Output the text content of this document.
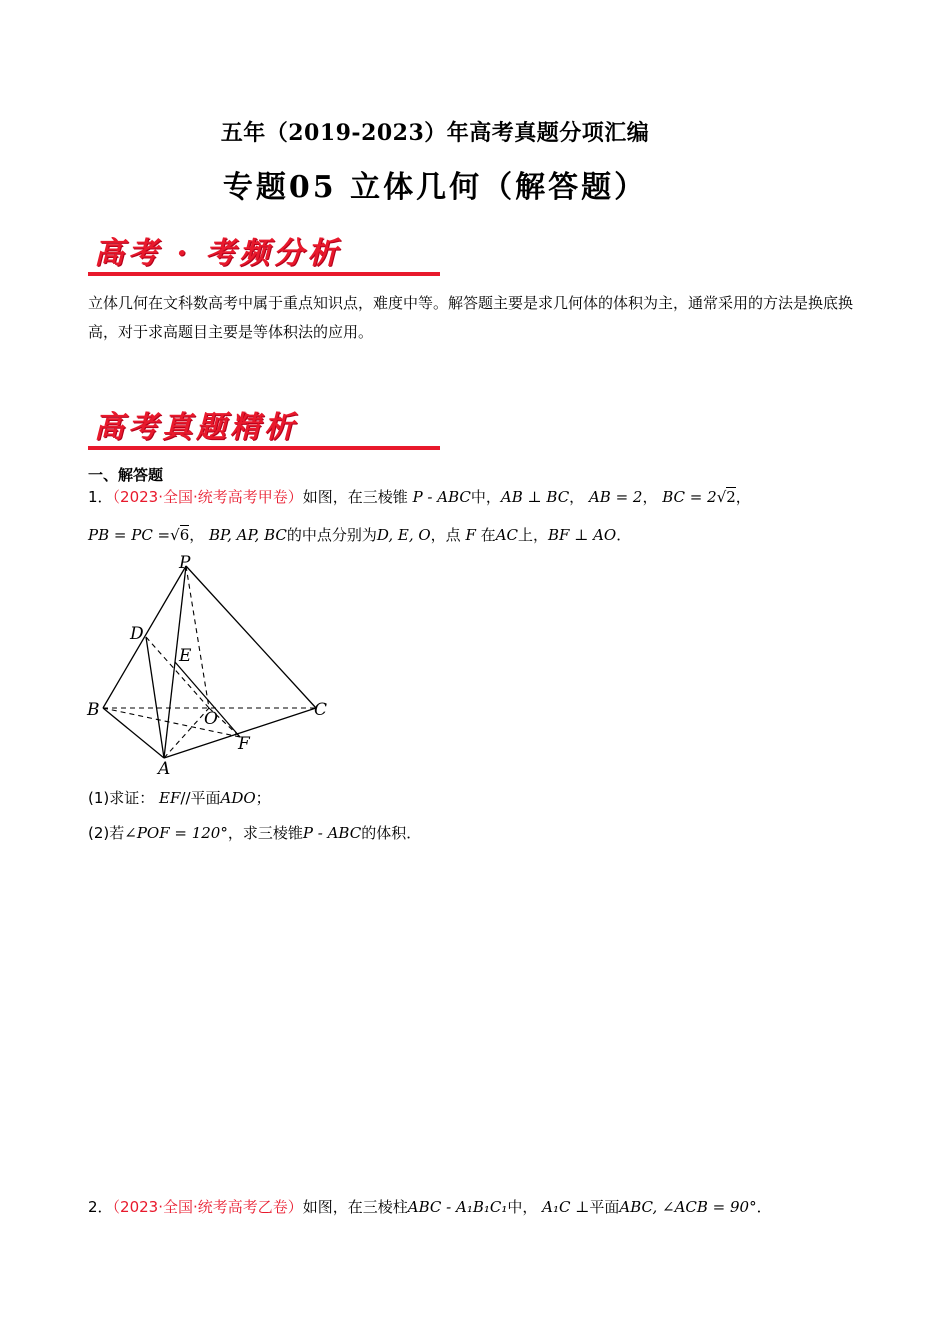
五年（2019-2023）年高考真题分项汇编
专题05 立体几何（解答题）
高考 · 考频分析
立体几何在文科数高考中属于重点知识点，难度中等。解答题主要是求几何体的体积为主，通常采用的方法是换底换高，对于求高题目主要是等体积法的应用。
高考真题精析
一、解答题
1．（2023·全国·统考高考甲卷）如图，在三棱锥 P - ABC中，AB ⊥ BC， AB = 2， BC = 2√2，
PB = PC =√6， BP, AP, BC的中点分别为D, E, O，点 F 在AC上，BF ⊥ AO．
P
D
E
B	O	C
F
A
(1)求证： EF//平面ADO；
(2)若∠POF = 120°，求三棱锥P - ABC的体积．
2．（2023·全国·统考高考乙卷）如图，在三棱柱ABC - A₁B₁C₁中， A₁C ⊥平面ABC, ∠ACB = 90°．
